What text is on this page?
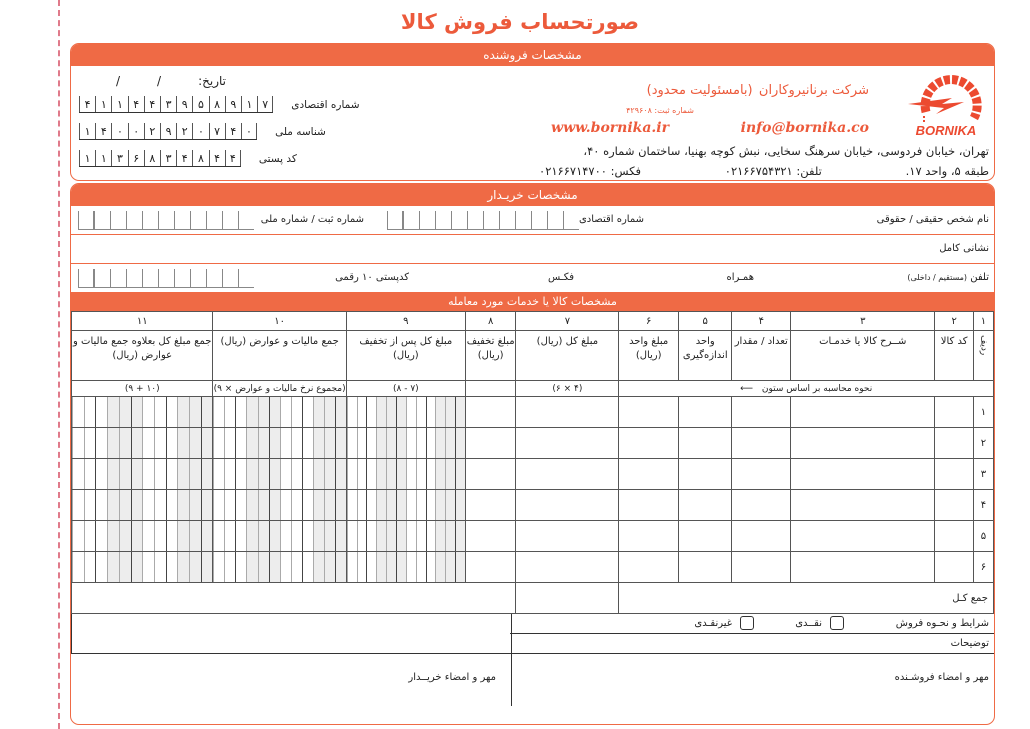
صورتحساب فروش کالا
مشخصات فروشنده
BORNIKA
شرکت برنانیروکاران (بامسئولیت محدود)
شماره ثبت: ۴۲۹۶۰۸
www.bornika.ir	info@bornika.co
تهران، خیابان فردوسی، خیابان سرهنگ سخایی، نبش کوچه بهنیا، ساختمان شماره ۴۰،
طبقه ۵، واحد ۱۷.
تلفن: ۰۲۱۶۶۷۵۴۳۲۱
فکس: ۰۲۱۶۶۷۱۴۷۰۰
تاریخ:
/
/
۴ ۱ ۱ ۴ ۴ ۳ ۹ ۵ ۸ ۹ ۱ ۷	شماره اقتصادی
۱ ۴ ۰ ۰ ۲ ۹ ۲ ۰ ۷ ۴ ۰	شناسه ملی
۱ ۱ ۳ ۶ ۸ ۳ ۴ ۸ ۴ ۴	کد پستی
مشخصات خریـدار
نام شخص حقیقی / حقوقی
شماره اقتصادی
شماره ثبت / شماره ملی
نشانی کامل
تلفن (مستقیم / داخلی)
همـراه
فکـس
کدپستی ۱۰ رقمی
مشخصات کالا یا خدمات مورد معامله
۱	۲	۳	۴	۵	۶	۷	۸	۹	۱۰	۱۱
ردیف	کد کالا	شــرح کالا یا خدمـات	تعداد / مقدار	واحد اندازه‌گیری	مبلغ واحد (ریال)	مبلغ کل (ریال)	مبلغ تخفیف (ریال)	مبلغ کل پس از تخفیف (ریال)	جمع مالیات و عوارض (ریال)	جمع مبلغ کل بعلاوه جمع مالیات و عوارض (ریال)
نحوه محاسبه بر اساس ستون ⟵						(۴ × ۶)		(۷ - ۸)	(مجموع نرخ مالیات و عوارض × ۹)	(۱۰ + ۹)
۱								

۲								

۳								

۴								

۵								

۶								

جمع کـل										
شرایط و نحـوه فروش
نقــدی
غیرنقـدی
توضیحات
مهر و امضاء فروشـنده
مهر و امضاء خریــدار
